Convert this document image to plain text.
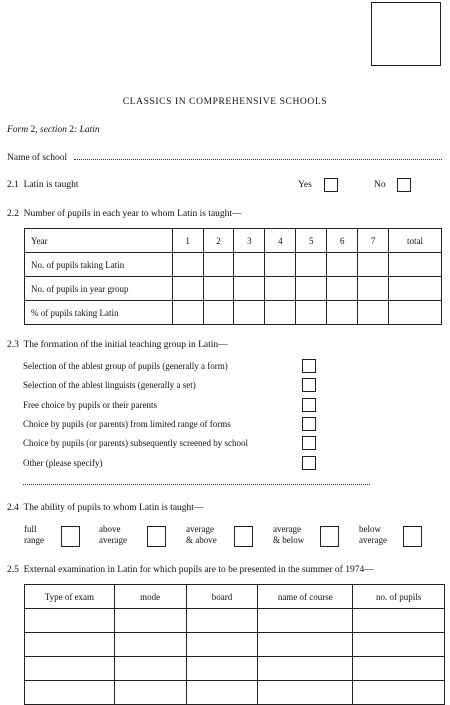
CLASSICS IN COMPREHENSIVE SCHOOLS
Form 2, section 2: Latin
Name of school
2.1 Latin is taught	Yes	No
2.2 Number of pupils in each year to whom Latin is taught—
Year	1	2	3	4	5	6	7	total
No. of pupils taking Latin								
No. of pupils in year group								
% of pupils taking Latin								
2.3 The formation of the initial teaching group in Latin—
Selection of the ablest group of pupils (generally a form)
Selection of the ablest linguists (generally a set)
Free choice by pupils or their parents
Choice by pupils (or parents) from limited range of forms
Choice by pupils (or parents) subsequently screened by school
Other (please specify)
2.4 The ability of pupils to whom Latin is taught—
full
range
above
average
average
& above
average
& below
below
average
2.5 External examination in Latin for which pupils are to be presented in the summer of 1974—
Type of exam	mode	board	name of course	no. of pupils
